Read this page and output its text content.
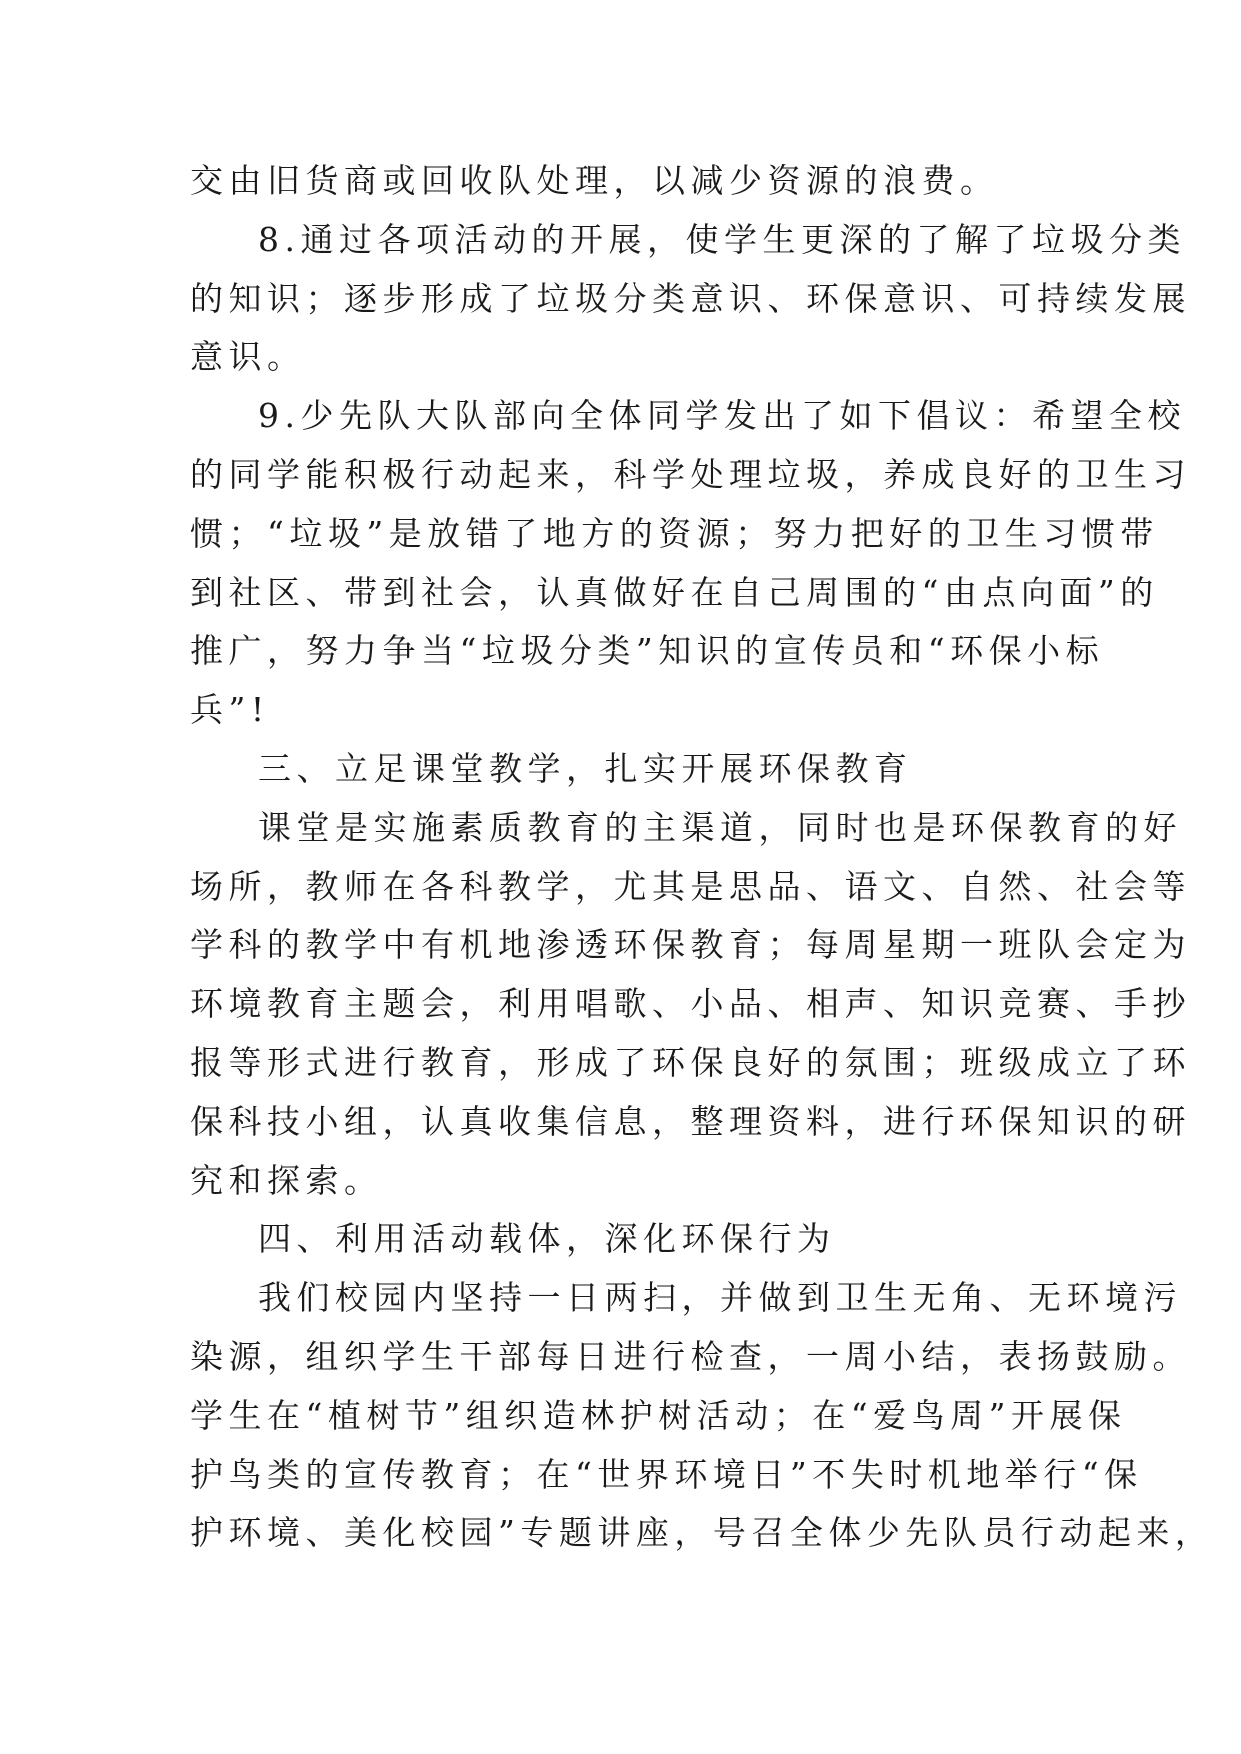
交由旧货商或回收队处理，以减少资源的浪费。

8.通过各项活动的开展，使学生更深的了解了垃圾分类
的知识；逐步形成了垃圾分类意识、环保意识、可持续发展
意识。

9.少先队大队部向全体同学发出了如下倡议：希望全校
的同学能积极行动起来，科学处理垃圾，养成良好的卫生习
惯；“垃圾”是放错了地方的资源；努力把好的卫生习惯带
到社区、带到社会，认真做好在自己周围的“由点向面”的
推广，努力争当“垃圾分类”知识的宣传员和“环保小标
兵”!

三、立足课堂教学，扎实开展环保教育

课堂是实施素质教育的主渠道，同时也是环保教育的好
场所，教师在各科教学，尤其是思品、语文、自然、社会等
学科的教学中有机地渗透环保教育；每周星期一班队会定为
环境教育主题会，利用唱歌、小品、相声、知识竞赛、手抄
报等形式进行教育，形成了环保良好的氛围；班级成立了环
保科技小组，认真收集信息，整理资料，进行环保知识的研
究和探索。

四、利用活动载体，深化环保行为

我们校园内坚持一日两扫，并做到卫生无角、无环境污
染源，组织学生干部每日进行检查，一周小结，表扬鼓励。
学生在“植树节”组织造林护树活动；在“爱鸟周”开展保
护鸟类的宣传教育；在“世界环境日”不失时机地举行“保
护环境、美化校园”专题讲座，号召全体少先队员行动起来，
